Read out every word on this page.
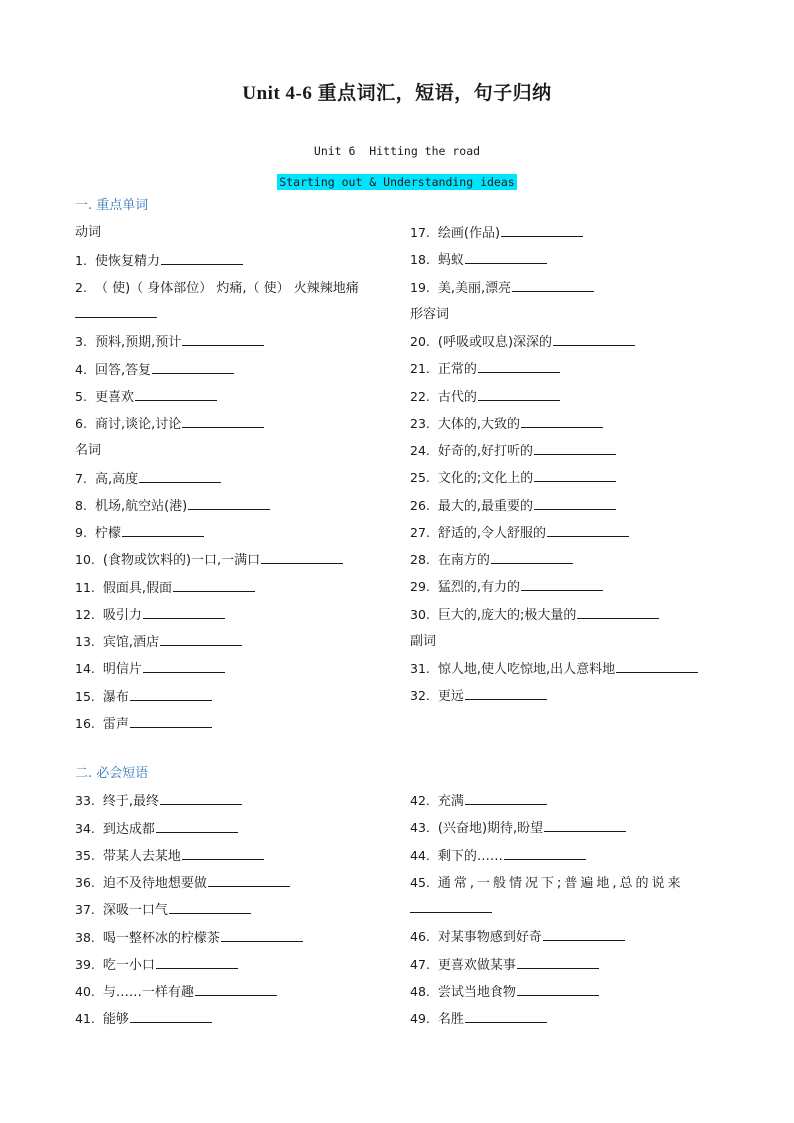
Unit 4-6 重点词汇，短语，句子归纳
Unit 6  Hitting the road
Starting out & Understanding ideas
一. 重点单词
动词
1. 使恢复精力
2. （ 使)（ 身体部位） 灼痛,（ 使） 火辣辣地痛
3. 预料,预期,预计
4. 回答,答复
5. 更喜欢
6. 商讨,谈论,讨论
名词
7. 高,高度
8. 机场,航空站(港)
9. 柠檬
10. (食物或饮料的)一口,一满口
11. 假面具,假面
12. 吸引力
13. 宾馆,酒店
14. 明信片
15. 瀑布
16. 雷声
17. 绘画(作品)
18. 蚂蚁
19. 美,美丽,漂亮
形容词
20. (呼吸或叹息)深深的
21. 正常的
22. 古代的
23. 大体的,大致的
24. 好奇的,好打听的
25. 文化的;文化上的
26. 最大的,最重要的
27. 舒适的,令人舒服的
28. 在南方的
29. 猛烈的,有力的
30. 巨大的,庞大的;极大量的
副词
31. 惊人地,使人吃惊地,出人意料地
32. 更远
二. 必会短语
33. 终于,最终
34. 到达成都
35. 带某人去某地
36. 迫不及待地想要做
37. 深吸一口气
38. 喝一整杯冰的柠檬茶
39. 吃一小口
40. 与……一样有趣
41. 能够
42. 充满
43. (兴奋地)期待,盼望
44. 剩下的……
45. 通常,一般情况下;普遍地,总的说来
46. 对某事物感到好奇
47. 更喜欢做某事
48. 尝试当地食物
49. 名胜
